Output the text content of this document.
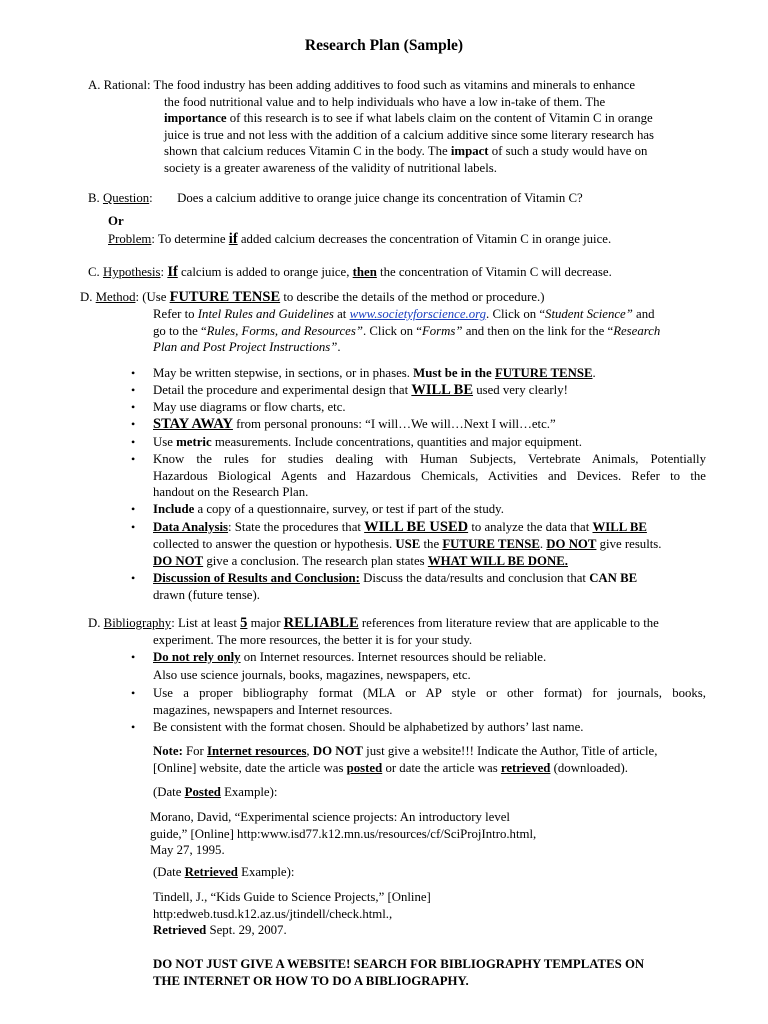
Research Plan (Sample)
A. Rational: The food industry has been adding additives to food such as vitamins and minerals to enhance
the food nutritional value and to help individuals who have a low in-take of them. The
importance of this research is to see if what labels claim on the content of Vitamin C in orange
juice is true and not less with the addition of a calcium additive since some literary research has
shown that calcium reduces Vitamin C in the body. The impact of such a study would have on
society is a greater awareness of the validity of nutritional labels.
B. Question: Does a calcium additive to orange juice change its concentration of Vitamin C?
Or
Problem: To determine if added calcium decreases the concentration of Vitamin C in orange juice.
C. Hypothesis: If calcium is added to orange juice, then the concentration of Vitamin C will decrease.
D. Method: (Use FUTURE TENSE to describe the details of the method or procedure.)
Refer to Intel Rules and Guidelines at www.societyforscience.org. Click on “Student Science” and
go to the “Rules, Forms, and Resources”. Click on “Forms” and then on the link for the “Research
Plan and Post Project Instructions”.
• May be written stepwise, in sections, or in phases. Must be in the FUTURE TENSE.
• Detail the procedure and experimental design that WILL BE used very clearly!
• May use diagrams or flow charts, etc.
• STAY AWAY from personal pronouns: “I will…We will…Next I will…etc.”
• Use metric measurements. Include concentrations, quantities and major equipment.
• Know the rules for studies dealing with Human Subjects, Vertebrate Animals, Potentially
Hazardous Biological Agents and Hazardous Chemicals, Activities and Devices. Refer to the
handout on the Research Plan.
• Include a copy of a questionnaire, survey, or test if part of the study.
• Data Analysis: State the procedures that WILL BE USED to analyze the data that WILL BE
collected to answer the question or hypothesis. USE the FUTURE TENSE. DO NOT give results.
DO NOT give a conclusion. The research plan states WHAT WILL BE DONE.
• Discussion of Results and Conclusion: Discuss the data/results and conclusion that CAN BE
drawn (future tense).
D. Bibliography: List at least 5 major RELIABLE references from literature review that are applicable to the
experiment. The more resources, the better it is for your study.
• Do not rely only on Internet resources. Internet resources should be reliable.
Also use science journals, books, magazines, newspapers, etc.
• Use a proper bibliography format (MLA or AP style or other format) for journals, books,
magazines, newspapers and Internet resources.
• Be consistent with the format chosen. Should be alphabetized by authors’ last name.
Note: For Internet resources, DO NOT just give a website!!! Indicate the Author, Title of article,
[Online] website, date the article was posted or date the article was retrieved (downloaded).
(Date Posted Example):
Morano, David, “Experimental science projects: An introductory level
guide,” [Online] http:www.isd77.k12.mn.us/resources/cf/SciProjIntro.html,
May 27, 1995.
(Date Retrieved Example):
Tindell, J., “Kids Guide to Science Projects,” [Online]
http:edweb.tusd.k12.az.us/jtindell/check.html.,
Retrieved Sept. 29, 2007.
DO NOT JUST GIVE A WEBSITE! SEARCH FOR BIBLIOGRAPHY TEMPLATES ON
THE INTERNET OR HOW TO DO A BIBLIOGRAPHY.
